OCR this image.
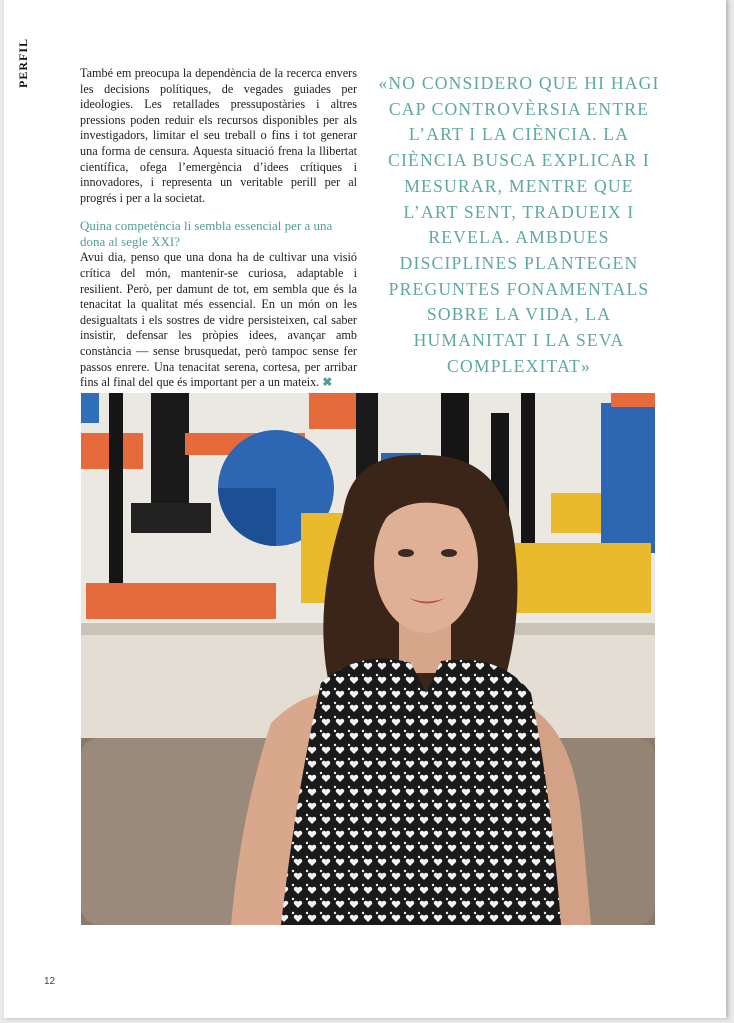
PERFIL	També em preocupa la dependència de la recerca envers les decisions polítiques, de vegades guiades per ideologies. Les retallades pressupostàries i altres pressions poden reduir els recursos disponibles per als investigadors, limitar el seu treball o fins i tot generar una forma de censura. Aquesta situació frena la llibertat científica, ofega l’emergència d’idees crítiques i innovadores, i representa un veritable perill per al progrés i per a la societat.

Quina competència li sembla essencial per a una dona al segle XXI?

Avui dia, penso que una dona ha de cultivar una visió crítica del món, mantenir-se curiosa, adaptable i resilient. Però, per damunt de tot, em sembla que és la tenacitat la qualitat més essencial. En un món on les desigualtats i els sostres de vidre persisteixen, cal saber insistir, defensar les pròpies idees, avançar amb constància — sense brusquedat, però tampoc sense fer passos enrere. Una tenacitat serena, cortesa, per arribar fins al final del que és important per a un mateix. ✖

«NO CONSIDERO QUE HI HAGI CAP CONTROVÈRSIA ENTRE L’ART I LA CIÈNCIA. LA CIÈNCIA BUSCA EXPLICAR I MESURAR, MENTRE QUE L’ART SENT, TRADUEIX I REVELA. AMBDUES DISCIPLINES PLANTEGEN PREGUNTES FONAMENTALS SOBRE LA VIDA, LA HUMANITAT I LA SEVA COMPLEXITAT»
12
